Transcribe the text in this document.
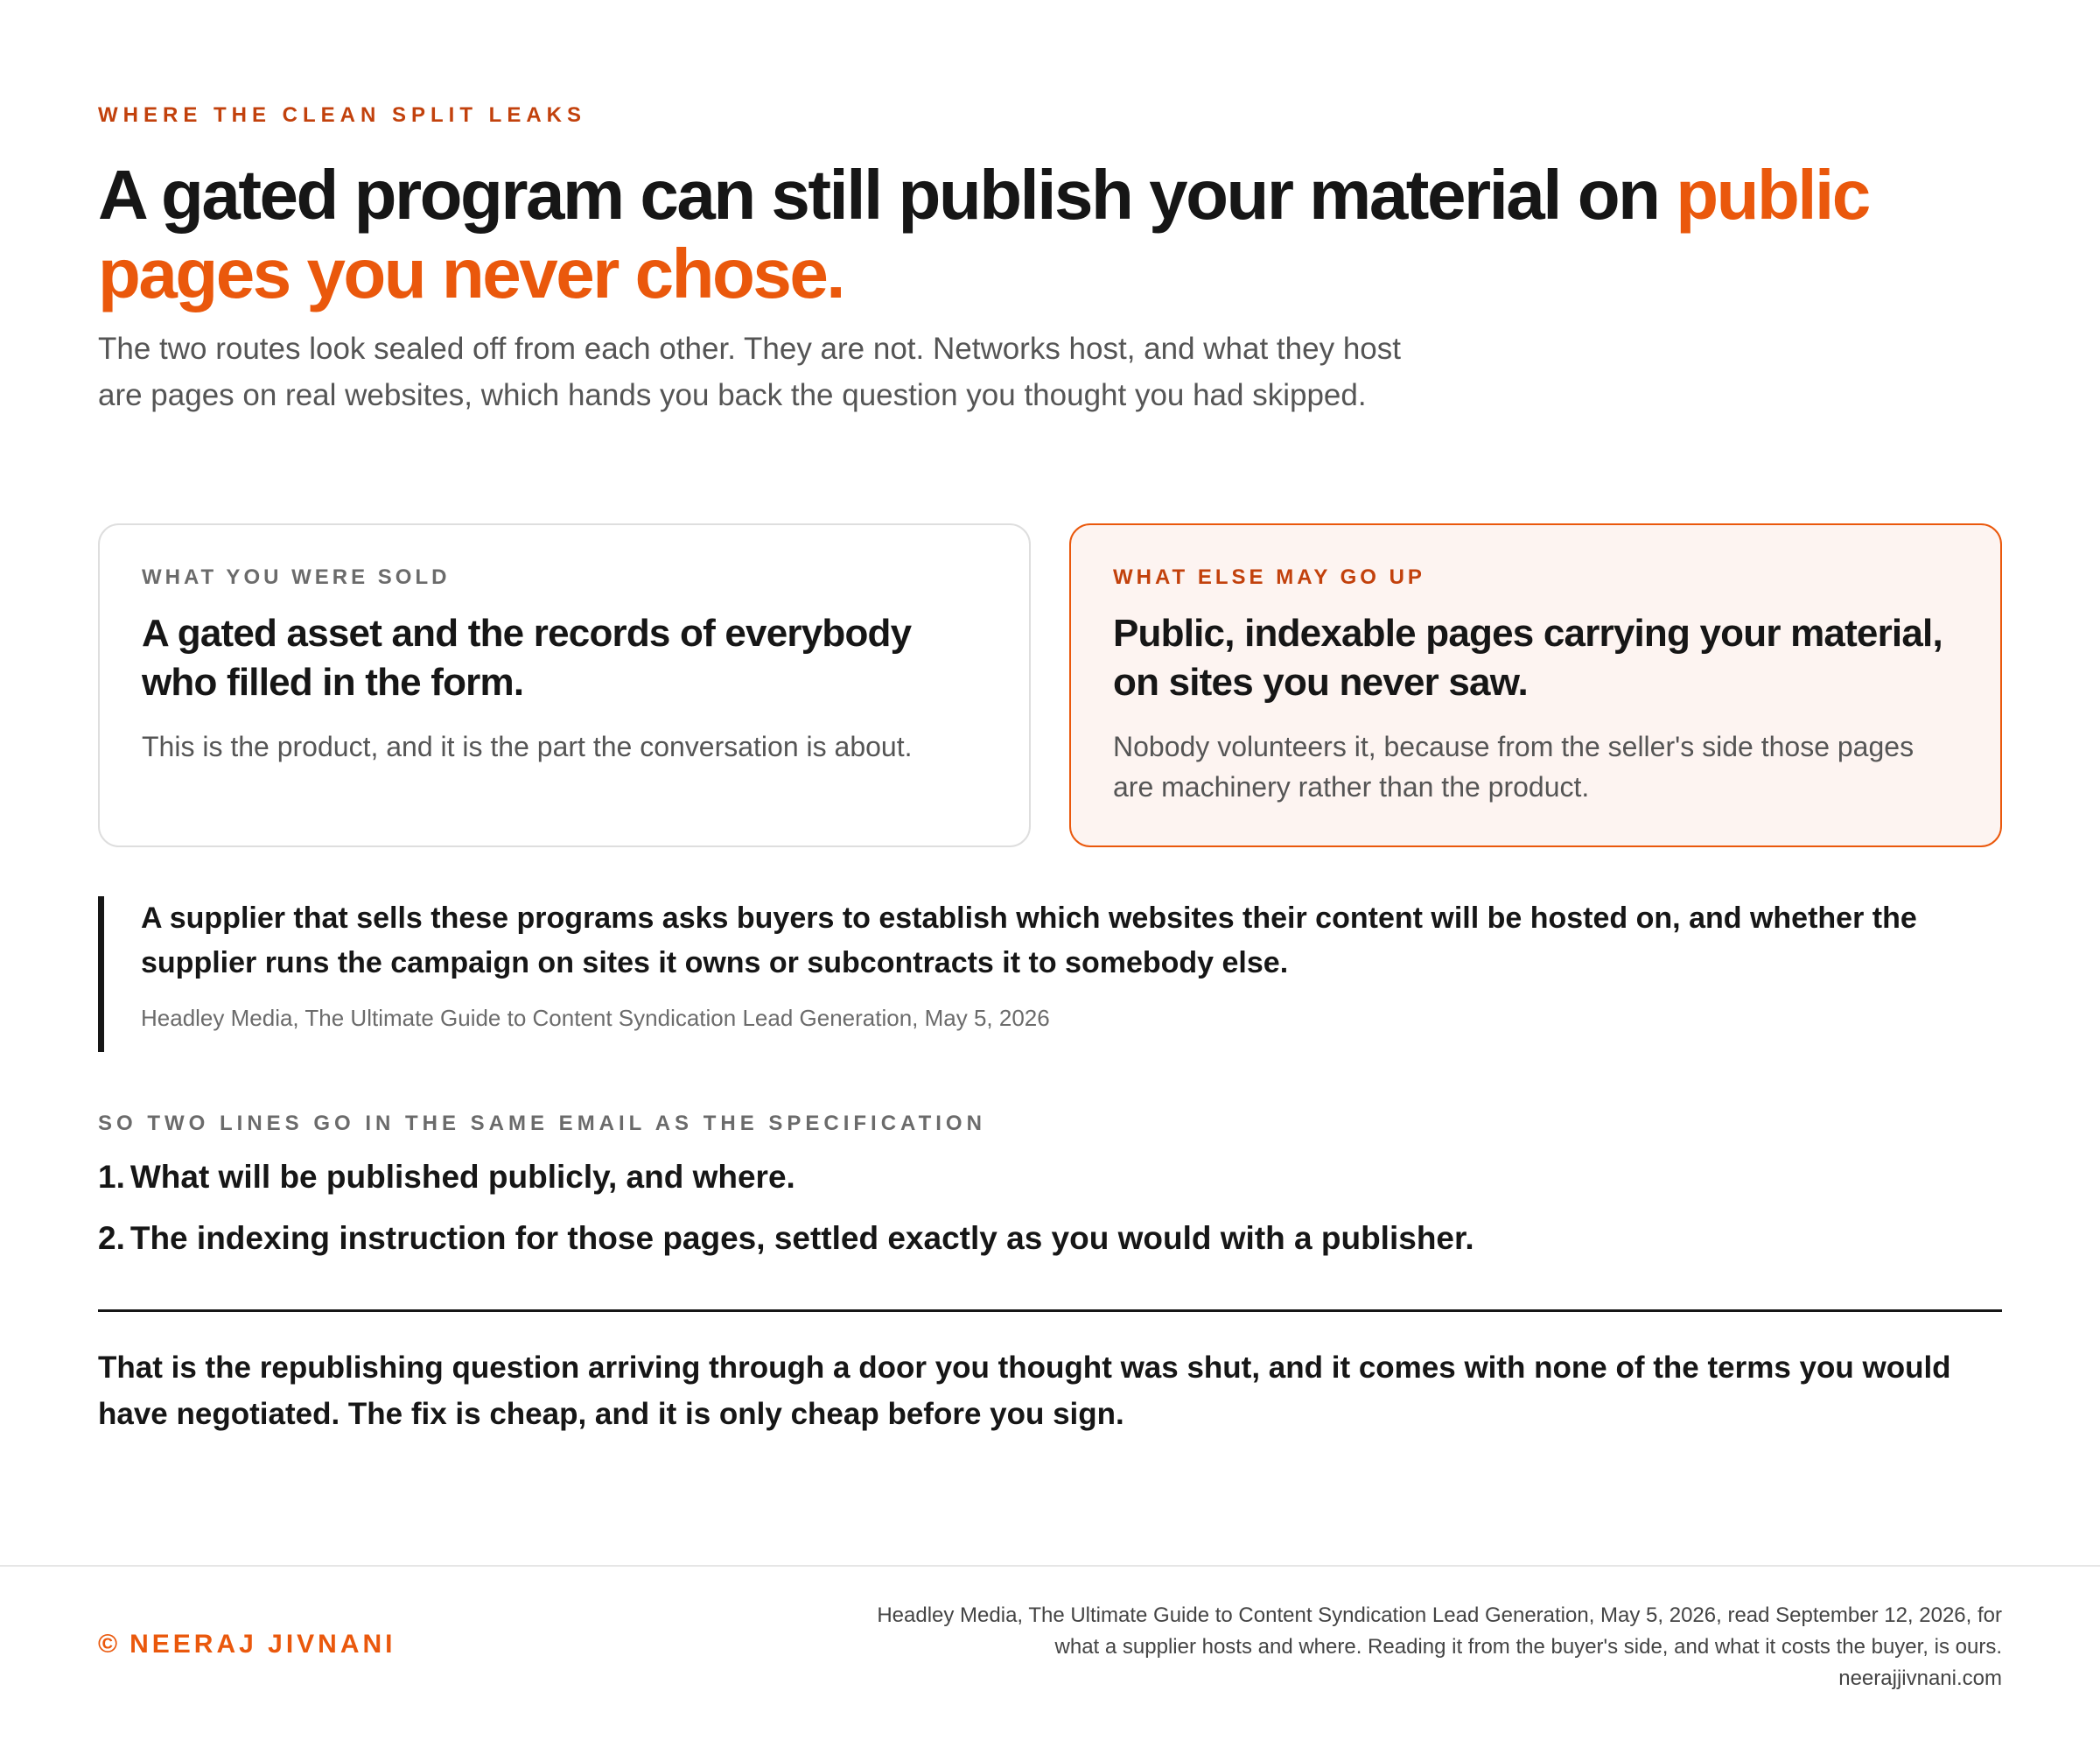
WHERE THE CLEAN SPLIT LEAKS
A gated program can still publish your material on public pages you never chose.

The two routes look sealed off from each other. They are not. Networks host, and what they host are pages on real websites, which hands you back the question you thought you had skipped.

WHAT YOU WERE SOLD
A gated asset and the records of everybody who filled in the form.
This is the product, and it is the part the conversation is about.
WHAT ELSE MAY GO UP
Public, indexable pages carrying your material, on sites you never saw.
Nobody volunteers it, because from the seller's side those pages are machinery rather than the product.
A supplier that sells these programs asks buyers to establish which websites their content will be hosted on, and whether the supplier runs the campaign on sites it owns or subcontracts it to somebody else.
Headley Media, The Ultimate Guide to Content Syndication Lead Generation, May 5, 2026
SO TWO LINES GO IN THE SAME EMAIL AS THE SPECIFICATION
1. What will be published publicly, and where.
2. The indexing instruction for those pages, settled exactly as you would with a publisher.

That is the republishing question arriving through a door you thought was shut, and it comes with none of the terms you would have negotiated. The fix is cheap, and it is only cheap before you sign.

© NEERAJ JIVNANI
Headley Media, The Ultimate Guide to Content Syndication Lead Generation, May 5, 2026, read September 12, 2026, for
what a supplier hosts and where. Reading it from the buyer's side, and what it costs the buyer, is ours.
neerajjivnani.com
